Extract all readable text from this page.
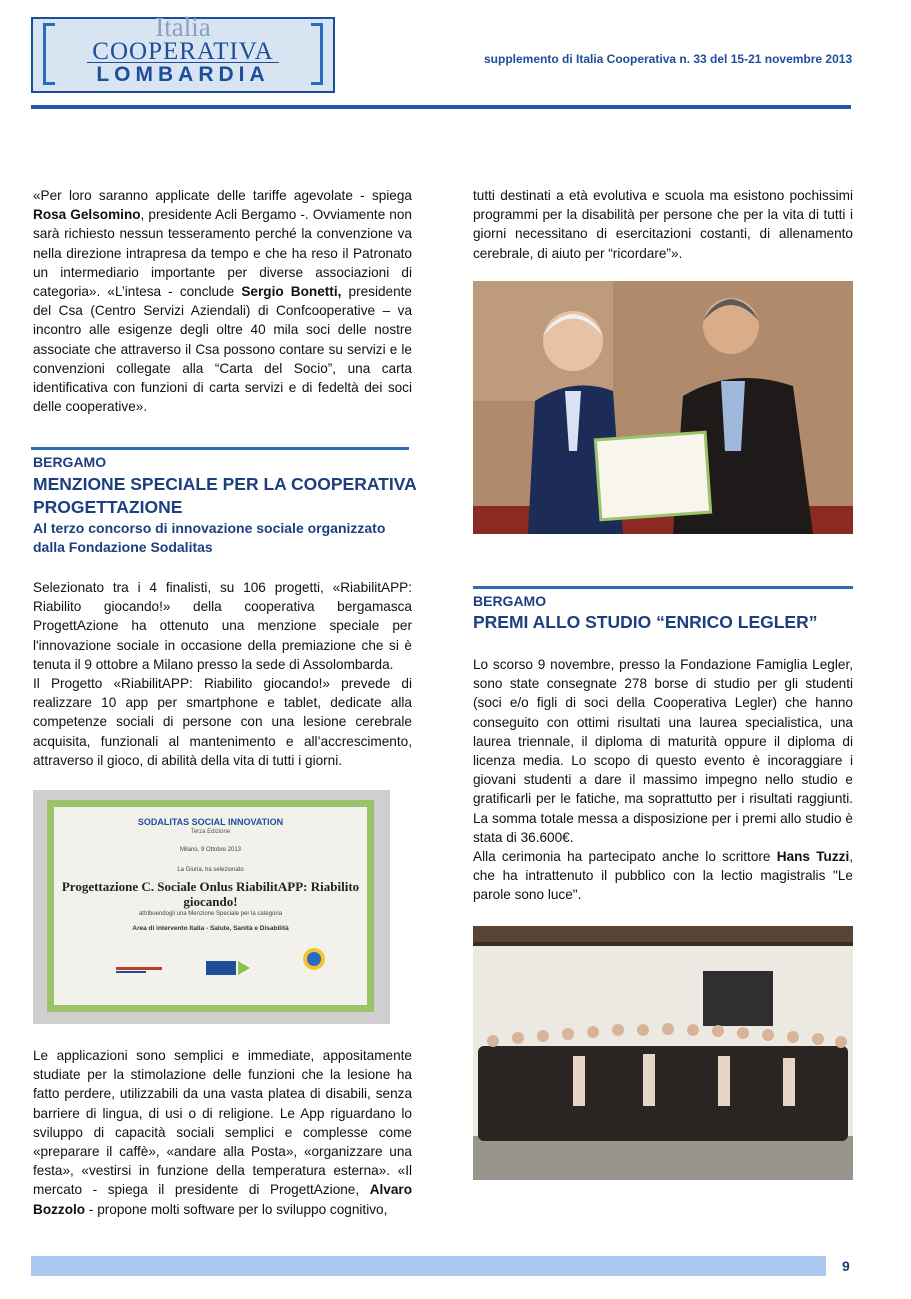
Italia
COOPERATIVA
LOMBARDIA
supplemento di Italia Cooperativa n. 33 del 15-21 novembre 2013

«Per loro saranno applicate delle tariffe agevolate - spiega Rosa Gelsomino, presidente Acli Bergamo -. Ovviamente non sarà richiesto nessun tesseramento perché la convenzione va nella direzione intrapresa da tempo e che ha reso il Patronato un intermediario importante per diverse associazioni di categoria». «L’intesa - conclude Sergio Bonetti, presidente del Csa (Centro Servizi Aziendali) di Confcooperative – va incontro alle esigenze degli oltre 40 mila soci delle nostre associate che attraverso il Csa possono contare su servizi e le convenzioni collegate alla “Carta del Socio”, una carta identificativa con funzioni di carta servizi e di fedeltà dei soci delle cooperative».

BERGAMO
MENZIONE SPECIALE PER LA COOPERATIVA PROGETTAZIONE
Al terzo concorso di innovazione sociale organizzato dalla Fondazione Sodalitas

Selezionato tra i 4 finalisti, su 106 progetti, «RiabilitAPP: Riabilito giocando!» della cooperativa bergamasca ProgettAzione ha ottenuto una menzione speciale per l'innovazione sociale in occasione della premiazione che si è tenuta il 9 ottobre a Milano presso la sede di Assolombarda.

Il Progetto «RiabilitAPP: Riabilito giocando!» prevede di realizzare 10 app per smartphone e tablet, dedicate alla competenze sociali di persone con una lesione cerebrale acquisita, funzionali al mantenimento e all’accrescimento, attraverso il gioco, di abilità della vita di tutti i giorni.

SODALITAS SOCIAL INNOVATION
Terza Edizione
Milano, 9 Ottobre 2013
La Giuria, ha selezionato
Progettazione C. Sociale Onlus RiabilitAPP: Riabilito giocando!
attribuendogli una Menzione Speciale per la categoria
Area di intervento Italia - Salute, Sanità e Disabilità

Le applicazioni sono semplici e immediate, appositamente studiate per la stimolazione delle funzioni che la lesione ha fatto perdere, utilizzabili da una vasta platea di disabili, senza barriere di lingua, di usi o di religione. Le App riguardano lo sviluppo di capacità sociali semplici e complesse come «preparare il caffè», «andare alla Posta», «organizzare una festa», «vestirsi in funzione della temperatura esterna». «Il mercato - spiega il presidente di ProgettAzione, Alvaro Bozzolo - propone molti software per lo sviluppo cognitivo,

tutti destinati a età evolutiva e scuola ma esistono pochissimi programmi per la disabilità per persone che per la vita di tutti i giorni necessitano di esercitazioni costanti, di allenamento cerebrale, di aiuto per “ricordare”».
BERGAMO
PREMI ALLO STUDIO “ENRICO LEGLER”

Lo scorso 9 novembre, presso la Fondazione Famiglia Legler, sono state consegnate 278 borse di studio per gli studenti (soci e/o figli di soci della Cooperativa Legler) che hanno conseguito con ottimi risultati una laurea specialistica, una laurea triennale, il diploma di maturità oppure il diploma di licenza media. Lo scopo di questo evento è incoraggiare i giovani studenti a dare il massimo impegno nello studio e gratificarli per le fatiche, ma soprattutto per i risultati raggiunti. La somma totale messa a disposizione per i premi allo studio è stata di 36.600€.

Alla cerimonia ha partecipato anche lo scrittore Hans Tuzzi, che ha intrattenuto il pubblico con la lectio magistralis "Le parole sono luce".

9
